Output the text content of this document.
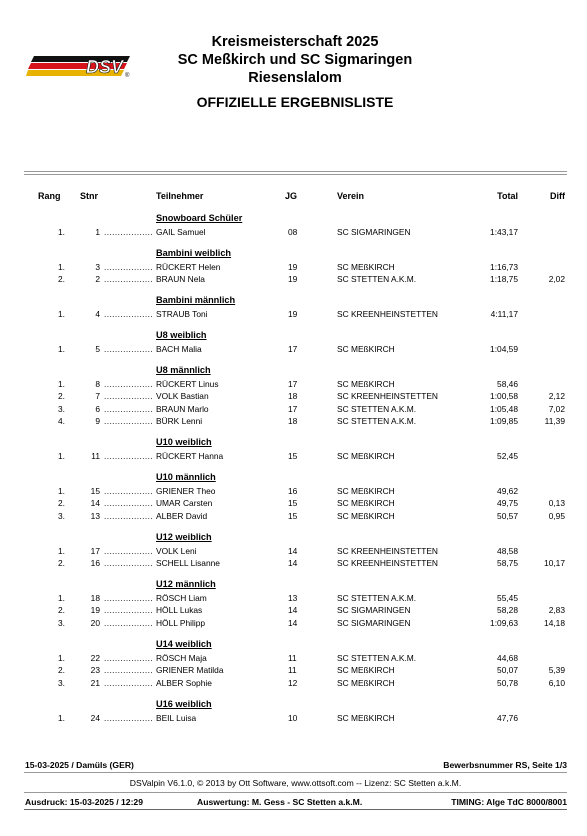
DSV ®
Kreismeisterschaft 2025
SC Meßkirch und SC Sigmaringen
Riesenslalom
OFFIZIELLE ERGEBNISLISTE
Rang Stnr	Teilnehmer	JG	Verein	Total	Diff
Snowboard Schüler
1.	1 .................. GAIL Samuel	08	SC SIGMARINGEN	1:43,17
Bambini weiblich
1.	3 .................. RÜCKERT Helen	19	SC MEßKIRCH	1:16,73
2.	2 .................. BRAUN Nela	19	SC STETTEN A.K.M.	1:18,75	2,02
Bambini männlich
1.	4 .................. STRAUB Toni	19	SC KREENHEINSTETTEN	4:11,17
U8 weiblich
1.	5 .................. BACH Malia	17	SC MEßKIRCH	1:04,59
U8 männlich
1.	8 .................. RÜCKERT Linus	17	SC MEßKIRCH	58,46
2.	7 .................. VOLK Bastian	18	SC KREENHEINSTETTEN	1:00,58	2,12
3.	6 .................. BRAUN Marlo	17	SC STETTEN A.K.M.	1:05,48	7,02
4.	9 .................. BÜRK Lenni	18	SC STETTEN A.K.M.	1:09,85	11,39
U10 weiblich
1.	11 .................. RÜCKERT Hanna	15	SC MEßKIRCH	52,45
U10 männlich
1.	15 .................. GRIENER Theo	16	SC MEßKIRCH	49,62
2.	14 .................. UMAR Carsten	15	SC MEßKIRCH	49,75	0,13
3.	13 .................. ALBER David	15	SC MEßKIRCH	50,57	0,95
U12 weiblich
1.	17 .................. VOLK Leni	14	SC KREENHEINSTETTEN	48,58
2.	16 .................. SCHELL Lisanne	14	SC KREENHEINSTETTEN	58,75	10,17
U12 männlich
1.	18 .................. RÖSCH Liam	13	SC STETTEN A.K.M.	55,45
2.	19 .................. HÖLL Lukas	14	SC SIGMARINGEN	58,28	2,83
3.	20 .................. HÖLL Philipp	14	SC SIGMARINGEN	1:09,63	14,18
U14 weiblich
1.	22 .................. RÖSCH Maja	11	SC STETTEN A.K.M.	44,68
2.	23 .................. GRIENER Matilda	11	SC MEßKIRCH	50,07	5,39
3.	21 .................. ALBER Sophie	12	SC MEßKIRCH	50,78	6,10
U16 weiblich
1.	24 .................. BEIL Luisa	10	SC MEßKIRCH	47,76
15-03-2025 / Damüls (GER)	Bewerbsnummer RS, Seite 1/3
DSValpin V6.1.0, © 2013 by Ott Software, www.ottsoft.com -- Lizenz: SC Stetten a.k.M.
Ausdruck: 15-03-2025 / 12:29	Auswertung: M. Gess - SC Stetten a.k.M.	TIMING: Alge TdC 8000/8001
